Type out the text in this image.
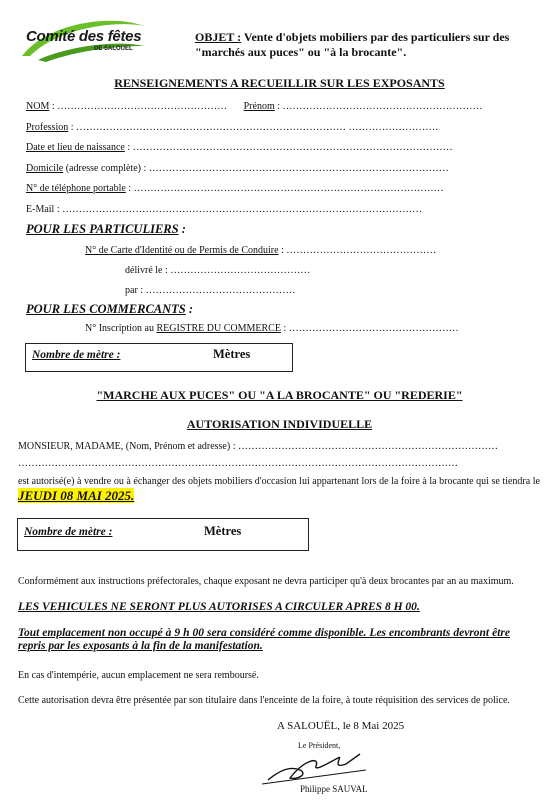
Comité des fêtes
DE SALOUEL
OBJET : Vente d'objets mobiliers par des particuliers sur des "marchés aux puces" ou "à la brocante".
RENSEIGNEMENTS A RECUEILLIR SUR LES EXPOSANTS
NOM : …………………………………………… Prénom : ……………………………………………………
Profession : ……………………………………………………………………… ………………………
Date et lieu de naissance : ……………………………………………………………………………………
Domicile (adresse complète) : ………………………………………………………………………………
N° de téléphone portable : …………………………………………………………………………………
E-Mail : ………………………………………………………………………………………………
POUR LES PARTICULIERS :
N° de Carte d'Identité ou de Permis de Conduire : ………………………………………
délivré le : ……………………………………
par : ………………………………………
POUR LES COMMERCANTS :
N° Inscription au REGISTRE DU COMMERCE : ……………………………………………
Nombre de mètre :	Mètres
"MARCHE AUX PUCES" OU "A LA BROCANTE" OU "REDERIE"
AUTORISATION INDIVIDUELLE
MONSIEUR, MADAME, (Nom, Prénom et adresse) : ……………………………………………………………………
……………………………………………………………………………………………………………………
est autorisé(e) à vendre ou à échanger des objets mobiliers d'occasion lui appartenant lors de la foire à la brocante qui se tiendra le JEUDI 08 MAI 2025.
Nombre de mètre :	Mètres
Conformément aux instructions préfectorales, chaque exposant ne devra participer qu'à deux brocantes par an au maximum.
LES VEHICULES NE SERONT PLUS AUTORISES A CIRCULER APRES 8 H 00.
Tout emplacement non occupé à 9 h 00 sera considéré comme disponible. Les encombrants devront être repris par les exposants à la fin de la manifestation.
En cas d'intempérie, aucun emplacement ne sera remboursé.
Cette autorisation devra être présentée par son titulaire dans l'enceinte de la foire, à toute réquisition des services de police.
A SALOUËL, le 8 Mai 2025
Le Président,
Philippe SAUVAL
